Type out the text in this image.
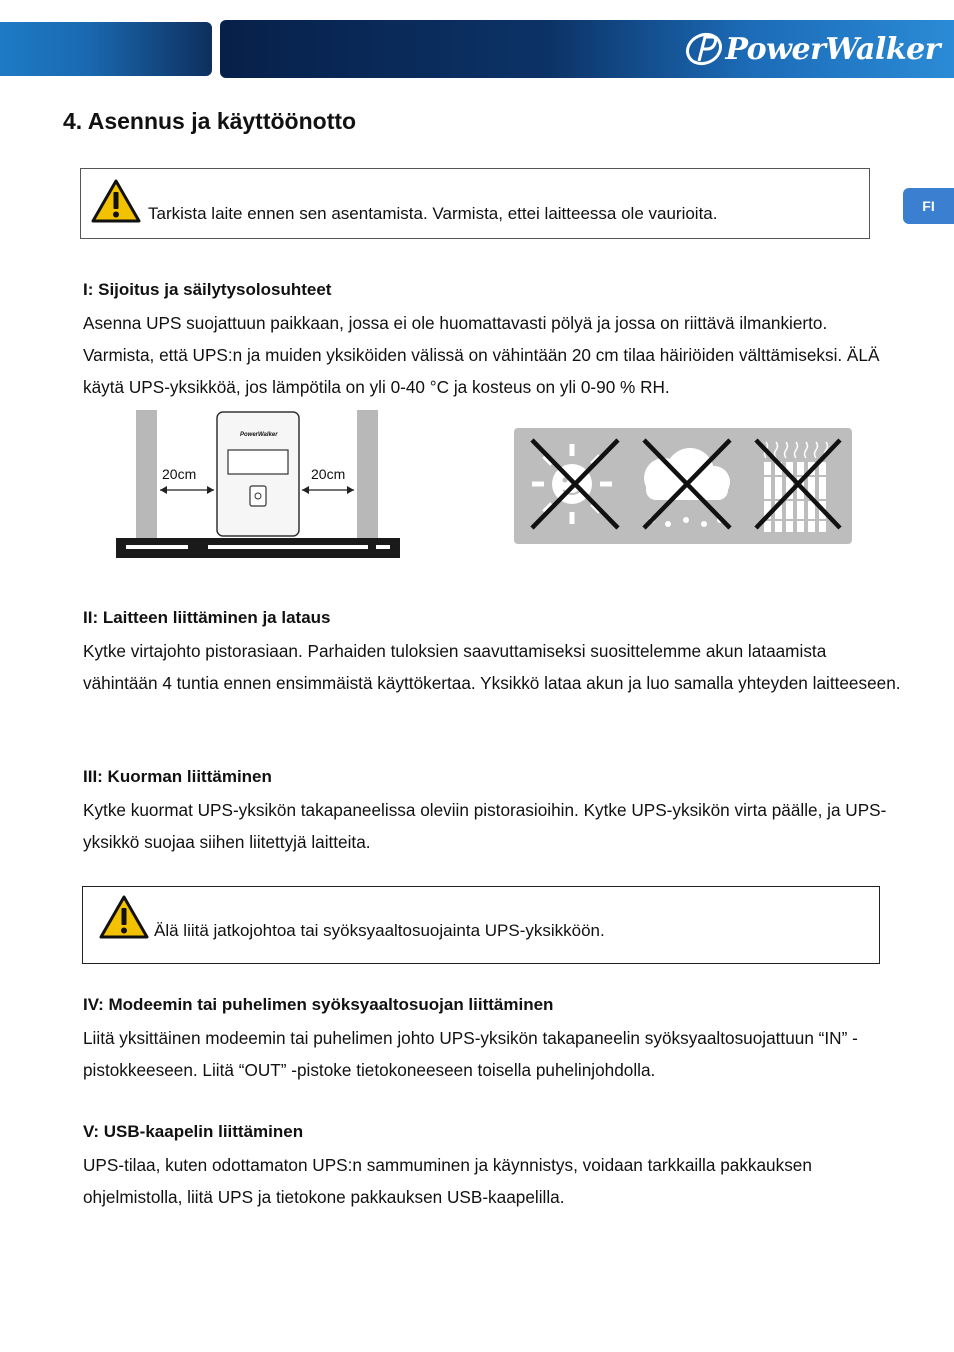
PowerWalker
4. Asennus ja käyttöönotto
FI
Tarkista laite ennen sen asentamista. Varmista, ettei laitteessa ole vaurioita.
I: Sijoitus ja säilytysolosuhteet

Asenna UPS suojattuun paikkaan, jossa ei ole huomattavasti pölyä ja jossa on riittävä ilmankierto. Varmista, että UPS:n ja muiden yksiköiden välissä on vähintään 20 cm tilaa häiriöiden välttämiseksi. ÄLÄ käytä UPS-yksikköä, jos lämpötila on yli 0-40 °C ja kosteus on yli 0-90 % RH.

PowerWalker
20cm	20cm
II: Laitteen liittäminen ja lataus

Kytke virtajohto pistorasiaan. Parhaiden tuloksien saavuttamiseksi suosittelemme akun lataamista vähintään 4 tuntia ennen ensimmäistä käyttökertaa. Yksikkö lataa akun ja luo samalla yhteyden laitteeseen.

III: Kuorman liittäminen

Kytke kuormat UPS-yksikön takapaneelissa oleviin pistorasioihin. Kytke UPS-yksikön virta päälle, ja UPS-yksikkö suojaa siihen liitettyjä laitteita.

Älä liitä jatkojohtoa tai syöksyaaltosuojainta UPS-yksikköön.
IV: Modeemin tai puhelimen syöksyaaltosuojan liittäminen

Liitä yksittäinen modeemin tai puhelimen johto UPS-yksikön takapaneelin syöksyaaltosuojattuun “IN” -pistokkeeseen. Liitä “OUT” -pistoke tietokoneeseen toisella puhelinjohdolla.

V: USB-kaapelin liittäminen

UPS-tilaa, kuten odottamaton UPS:n sammuminen ja käynnistys, voidaan tarkkailla pakkauksen ohjelmistolla, liitä UPS ja tietokone pakkauksen USB-kaapelilla.
